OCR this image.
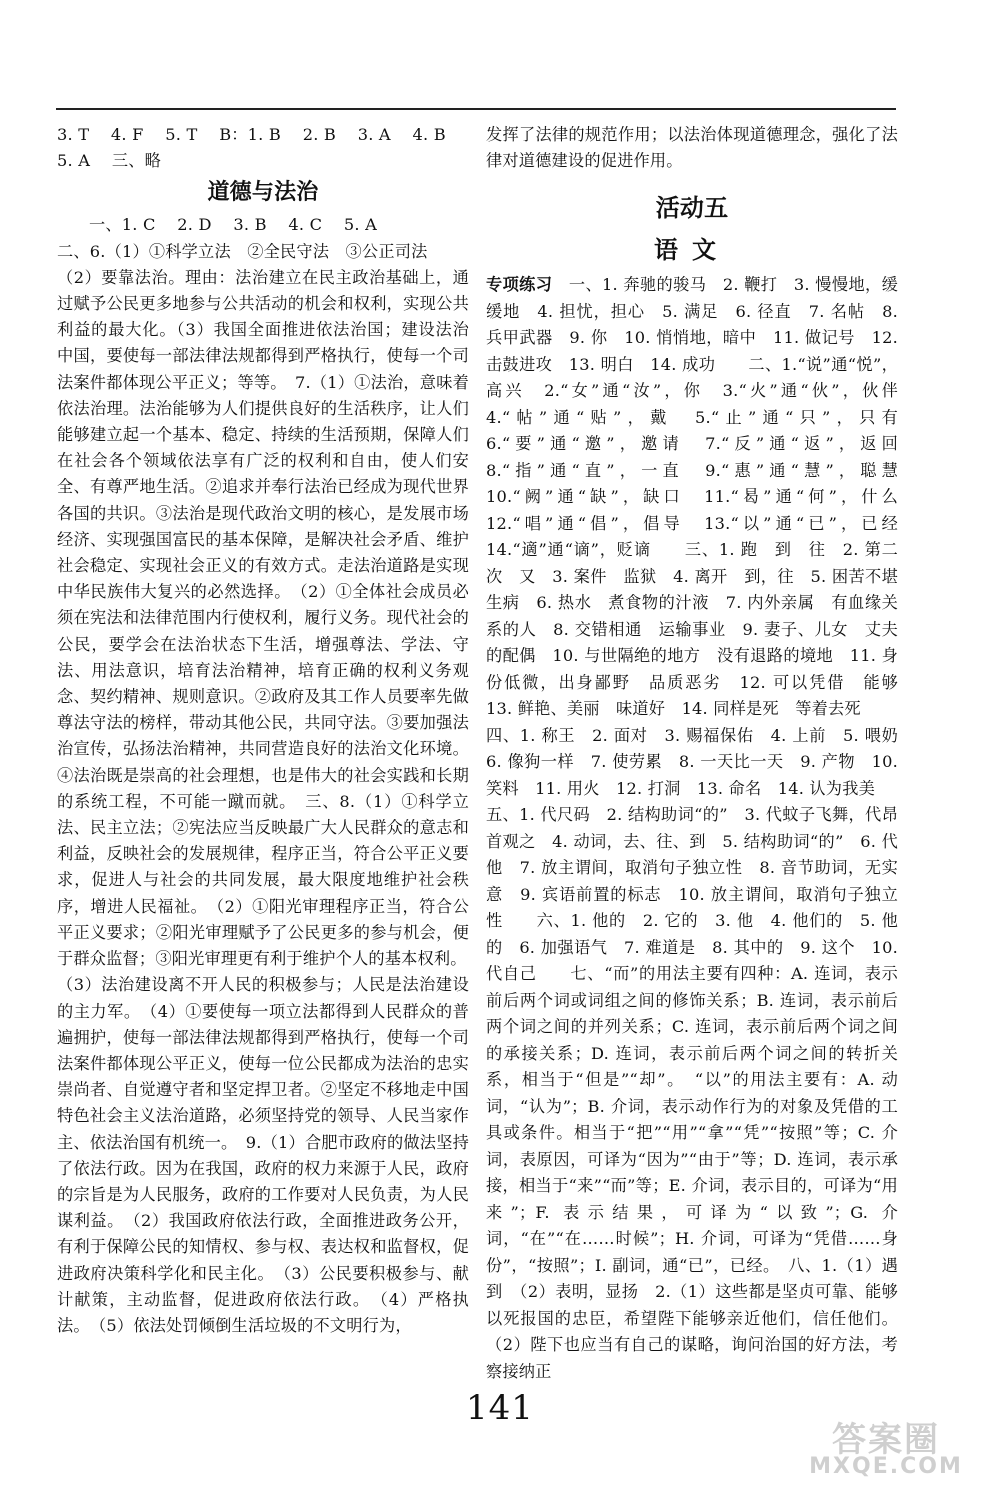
3. T　 4. F　 5. T　 B：1. B　 2. B　 3. A　 4. B

5. A　 三、略

道德与法治

一、1. C　 2. D　 3. B　 4. C　 5. A

二、6.（1）①科学立法　②全民守法　③公正司法

（2）要靠法治。理由：法治建立在民主政治基础上，通过赋予公民更多地参与公共活动的机会和权利，实现公共利益的最大化。（3）我国全面推进依法治国；建设法治中国，要使每一部法律法规都得到严格执行，使每一个司法案件都体现公平正义；等等。　7.（1）①法治，意味着依法治理。法治能够为人们提供良好的生活秩序，让人们能够建立起一个基本、稳定、持续的生活预期，保障人们在社会各个领域依法享有广泛的权利和自由，使人们安全、有尊严地生活。②追求并奉行法治已经成为现代世界各国的共识。③法治是现代政治文明的核心，是发展市场经济、实现强国富民的基本保障，是解决社会矛盾、维护社会稳定、实现社会正义的有效方式。走法治道路是实现中华民族伟大复兴的必然选择。　（2）①全体社会成员必须在宪法和法律范围内行使权利，履行义务。现代社会的公民，要学会在法治状态下生活，增强尊法、学法、守法、用法意识，培育法治精神，培育正确的权利义务观念、契约精神、规则意识。②政府及其工作人员要率先做尊法守法的榜样，带动其他公民，共同守法。③要加强法治宣传，弘扬法治精神，共同营造良好的法治文化环境。④法治既是崇高的社会理想，也是伟大的社会实践和长期的系统工程，不可能一蹴而就。　三、8.（1）①科学立法、民主立法；②宪法应当反映最广大人民群众的意志和利益，反映社会的发展规律，程序正当，符合公平正义要求，促进人与社会的共同发展，最大限度地维护社会秩序，增进人民福祉。　（2）①阳光审理程序正当，符合公平正义要求；②阳光审理赋予了公民更多的参与机会，便于群众监督；③阳光审理更有利于维护个人的基本权利。

（3）法治建设离不开人民的积极参与；人民是法治建设的主力军。　（4）①要使每一项立法都得到人民群众的普遍拥护，使每一部法律法规都得到严格执行，使每一个司法案件都体现公平正义，使每一位公民都成为法治的忠实崇尚者、自觉遵守者和坚定捍卫者。②坚定不移地走中国特色社会主义法治道路，必须坚持党的领导、人民当家作主、依法治国有机统一。　9.（1）合肥市政府的做法坚持了依法行政。因为在我国，政府的权力来源于人民，政府的宗旨是为人民服务，政府的工作要对人民负责，为人民谋利益。　（2）我国政府依法行政，全面推进政务公开，有利于保障公民的知情权、参与权、表达权和监督权，促进政府决策科学化和民主化。　（3）公民要积极参与、献计献策，主动监督，促进政府依法行政。　（4）严格执法。　（5）依法处罚倾倒生活垃圾的不文明行为，

发挥了法律的规范作用；以法治体现道德理念，强化了法律对道德建设的促进作用。

活动五
语文

专项练习　 一、1. 奔驰的骏马　2. 鞭打　3. 慢慢地，缓缓地　4. 担忧，担心　5. 满足　6. 径直　7. 名帖　8. 兵甲武器　9. 你　10. 悄悄地，暗中　11. 做记号　12. 击鼓进攻　13. 明白　14. 成功　　二、1.“说”通“悦”，高兴　2.“女”通“汝”，你　3.“火”通“伙”，伙伴　4.“帖”通“贴”，戴　5.“止”通“只”，只有　6.“要”通“邀”，邀请　7.“反”通“返”，返回　8.“指”通“直”，一直　9.“惠”通“慧”，聪慧　10.“阙”通“缺”，缺口　11.“曷”通“何”，什么　12.“唱”通“倡”，倡导　13.“以”通“已”，已经　14.“適”通“谪”，贬谪　　三、1. 跑　到　往　2. 第二次　又　3. 案件　监狱　4. 离开　到，往　5. 困苦不堪　生病　6. 热水　煮食物的汁液　7. 内外亲属　有血缘关系的人　8. 交错相通　运输事业　9. 妻子、儿女　丈夫的配偶　10. 与世隔绝的地方　没有退路的境地　11. 身份低微，出身鄙野　品质恶劣　12. 可以凭借　能够　13. 鲜艳、美丽　味道好　14. 同样是死　等着去死

四、1. 称王　2. 面对　3. 赐福保佑　4. 上前　5. 喂奶　6. 像狗一样　7. 使劳累　8. 一天比一天　9. 产物　10. 笑料　11. 用火　12. 打洞　13. 命名　14. 认为我美

五、1. 代尺码　2. 结构助词“的”　3. 代蚊子飞舞，代昂首观之　4. 动词，去、往、到　5. 结构助词“的”　6. 代他　7. 放主谓间，取消句子独立性　8. 音节助词，无实意　9. 宾语前置的标志　10. 放主谓间，取消句子独立性　　六、1. 他的　2. 它的　3. 他　4. 他们的　5. 他的　6. 加强语气　7. 难道是　8. 其中的　9. 这个　10. 代自己　　七、“而”的用法主要有四种：A. 连词，表示前后两个词或词组之间的修饰关系；B. 连词，表示前后两个词之间的并列关系；C. 连词，表示前后两个词之间的承接关系；D. 连词，表示前后两个词之间的转折关系，相当于“但是”“却”。　“以”的用法主要有：A. 动词，“认为”；B. 介词，表示动作行为的对象及凭借的工具或条件。相当于“把”“用”“拿”“凭”“按照”等；C. 介词，表原因，可译为“因为”“由于”等；D. 连词，表示承接，相当于“来”“而”等；E. 介词，表示目的，可译为“用来”；F. 表示结果，可译为“以致”；G. 介词，“在”“在……时候”；H. 介词，可译为“凭借……身份”，“按照”；I. 副词，通“已”，已经。　八、1.（1）遇到　（2）表明，显扬　2.（1）这些都是坚贞可靠、能够以死报国的忠臣，希望陛下能够亲近他们，信任他们。（2）陛下也应当有自己的谋略，询问治国的好方法，考察接纳正

141
答案圈
MXQE.COM
